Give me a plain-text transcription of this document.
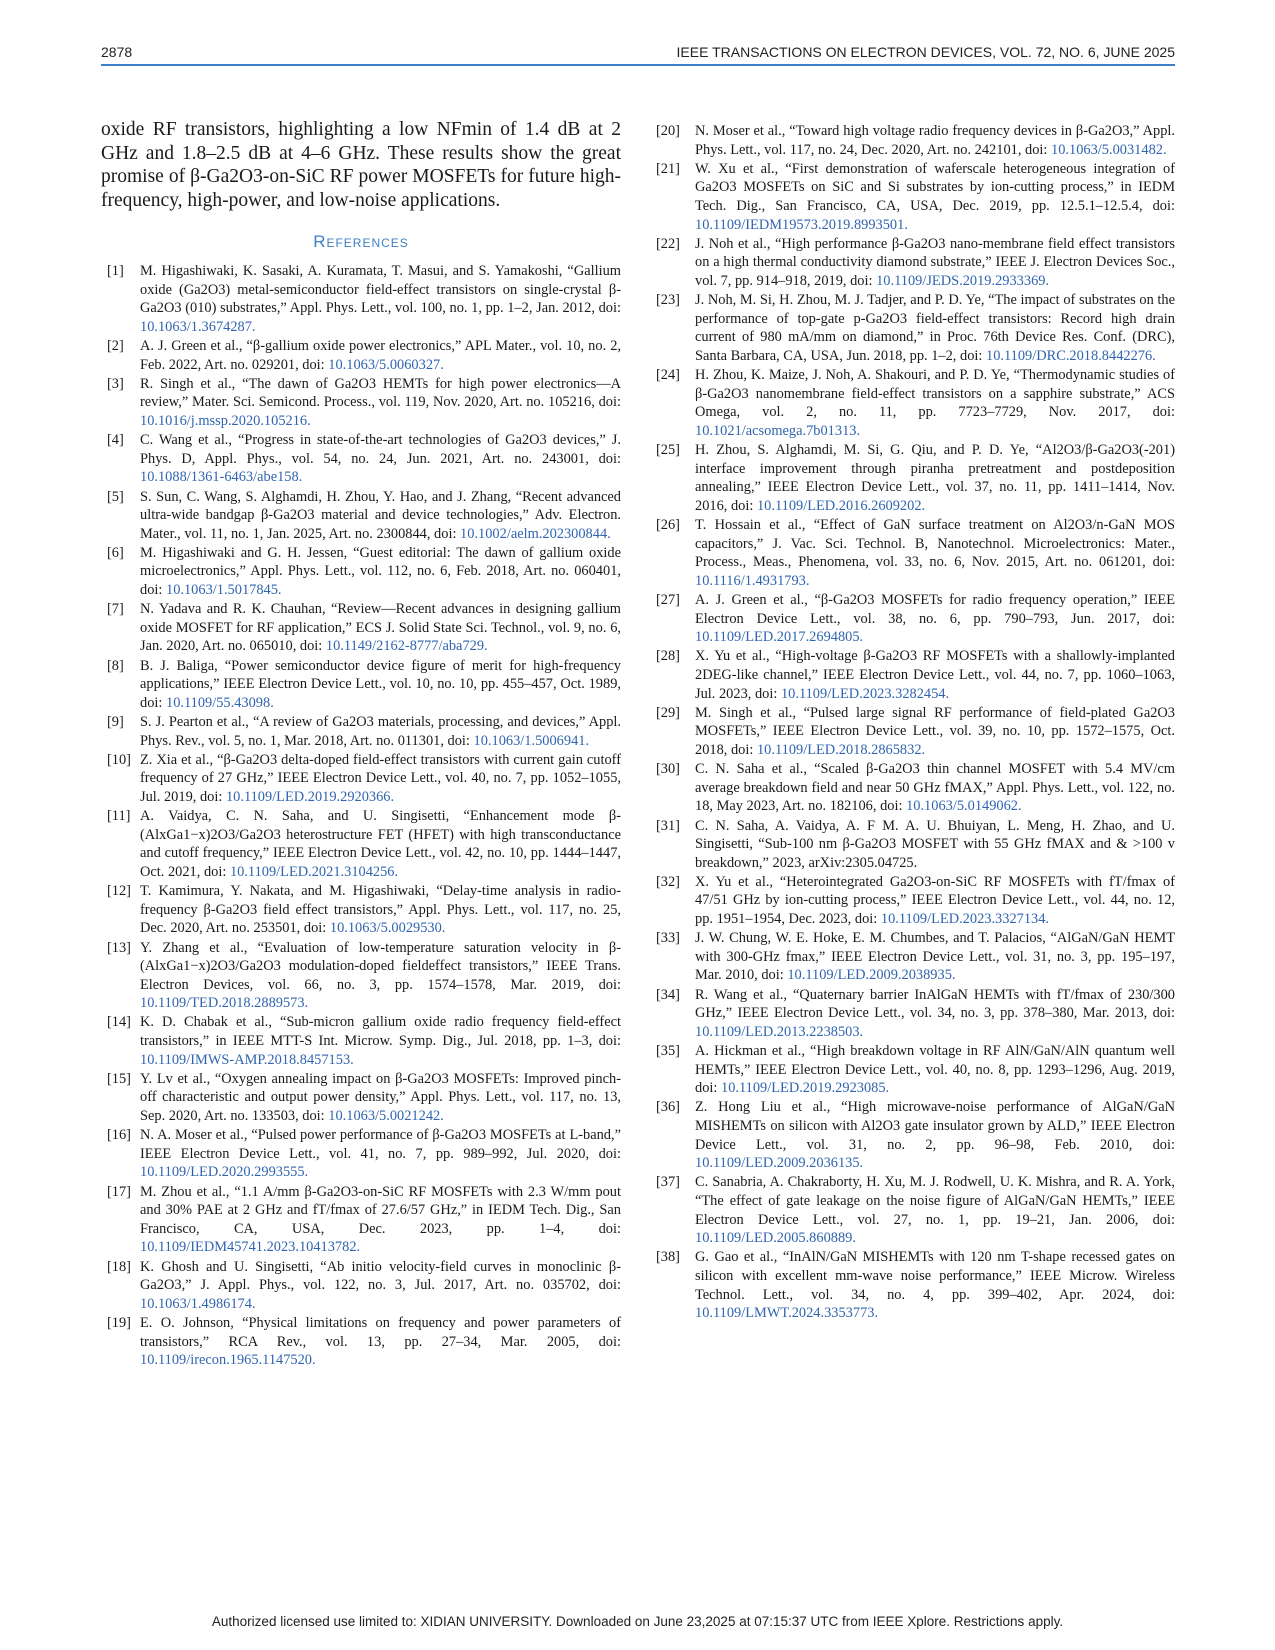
2878	IEEE TRANSACTIONS ON ELECTRON DEVICES, VOL. 72, NO. 6, JUNE 2025

oxide RF transistors, highlighting a low NFmin of 1.4 dB at 2 GHz and 1.8–2.5 dB at 4–6 GHz. These results show the great promise of β-Ga2O3-on-SiC RF power MOSFETs for future high-frequency, high-power, and low-noise applications.

References
[1] M. Higashiwaki, K. Sasaki, A. Kuramata, T. Masui, and S. Yamakoshi, “Gallium oxide (Ga2O3) metal-semiconductor field-effect transistors on single-crystal β-Ga2O3 (010) substrates,” Appl. Phys. Lett., vol. 100, no. 1, pp. 1–2, Jan. 2012, doi: 10.1063/1.3674287.
[2] A. J. Green et al., “β-gallium oxide power electronics,” APL Mater., vol. 10, no. 2, Feb. 2022, Art. no. 029201, doi: 10.1063/5.0060327.
[3] R. Singh et al., “The dawn of Ga2O3 HEMTs for high power electronics—A review,” Mater. Sci. Semicond. Process., vol. 119, Nov. 2020, Art. no. 105216, doi: 10.1016/j.mssp.2020.105216.
[4] C. Wang et al., “Progress in state-of-the-art technologies of Ga2O3 devices,” J. Phys. D, Appl. Phys., vol. 54, no. 24, Jun. 2021, Art. no. 243001, doi: 10.1088/1361-6463/abe158.
[5] S. Sun, C. Wang, S. Alghamdi, H. Zhou, Y. Hao, and J. Zhang, “Recent advanced ultra-wide bandgap β-Ga2O3 material and device technologies,” Adv. Electron. Mater., vol. 11, no. 1, Jan. 2025, Art. no. 2300844, doi: 10.1002/aelm.202300844.
[6] M. Higashiwaki and G. H. Jessen, “Guest editorial: The dawn of gallium oxide microelectronics,” Appl. Phys. Lett., vol. 112, no. 6, Feb. 2018, Art. no. 060401, doi: 10.1063/1.5017845.
[7] N. Yadava and R. K. Chauhan, “Review—Recent advances in designing gallium oxide MOSFET for RF application,” ECS J. Solid State Sci. Technol., vol. 9, no. 6, Jan. 2020, Art. no. 065010, doi: 10.1149/2162-8777/aba729.
[8] B. J. Baliga, “Power semiconductor device figure of merit for high-frequency applications,” IEEE Electron Device Lett., vol. 10, no. 10, pp. 455–457, Oct. 1989, doi: 10.1109/55.43098.
[9] S. J. Pearton et al., “A review of Ga2O3 materials, processing, and devices,” Appl. Phys. Rev., vol. 5, no. 1, Mar. 2018, Art. no. 011301, doi: 10.1063/1.5006941.
[10] Z. Xia et al., “β-Ga2O3 delta-doped field-effect transistors with current gain cutoff frequency of 27 GHz,” IEEE Electron Device Lett., vol. 40, no. 7, pp. 1052–1055, Jul. 2019, doi: 10.1109/LED.2019.2920366.
[11] A. Vaidya, C. N. Saha, and U. Singisetti, “Enhancement mode β-(AlxGa1−x)2O3/Ga2O3 heterostructure FET (HFET) with high transconductance and cutoff frequency,” IEEE Electron Device Lett., vol. 42, no. 10, pp. 1444–1447, Oct. 2021, doi: 10.1109/LED.2021.3104256.
[12] T. Kamimura, Y. Nakata, and M. Higashiwaki, “Delay-time analysis in radio-frequency β-Ga2O3 field effect transistors,” Appl. Phys. Lett., vol. 117, no. 25, Dec. 2020, Art. no. 253501, doi: 10.1063/5.0029530.
[13] Y. Zhang et al., “Evaluation of low-temperature saturation velocity in β-(AlxGa1−x)2O3/Ga2O3 modulation-doped fieldeffect transistors,” IEEE Trans. Electron Devices, vol. 66, no. 3, pp. 1574–1578, Mar. 2019, doi: 10.1109/TED.2018.2889573.
[14] K. D. Chabak et al., “Sub-micron gallium oxide radio frequency field-effect transistors,” in IEEE MTT-S Int. Microw. Symp. Dig., Jul. 2018, pp. 1–3, doi: 10.1109/IMWS-AMP.2018.8457153.
[15] Y. Lv et al., “Oxygen annealing impact on β-Ga2O3 MOSFETs: Improved pinch-off characteristic and output power density,” Appl. Phys. Lett., vol. 117, no. 13, Sep. 2020, Art. no. 133503, doi: 10.1063/5.0021242.
[16] N. A. Moser et al., “Pulsed power performance of β-Ga2O3 MOSFETs at L-band,” IEEE Electron Device Lett., vol. 41, no. 7, pp. 989–992, Jul. 2020, doi: 10.1109/LED.2020.2993555.
[17] M. Zhou et al., “1.1 A/mm β-Ga2O3-on-SiC RF MOSFETs with 2.3 W/mm pout and 30% PAE at 2 GHz and fT/fmax of 27.6/57 GHz,” in IEDM Tech. Dig., San Francisco, CA, USA, Dec. 2023, pp. 1–4, doi: 10.1109/IEDM45741.2023.10413782.
[18] K. Ghosh and U. Singisetti, “Ab initio velocity-field curves in monoclinic β-Ga2O3,” J. Appl. Phys., vol. 122, no. 3, Jul. 2017, Art. no. 035702, doi: 10.1063/1.4986174.
[19] E. O. Johnson, “Physical limitations on frequency and power parameters of transistors,” RCA Rev., vol. 13, pp. 27–34, Mar. 2005, doi: 10.1109/irecon.1965.1147520.
[20] N. Moser et al., “Toward high voltage radio frequency devices in β-Ga2O3,” Appl. Phys. Lett., vol. 117, no. 24, Dec. 2020, Art. no. 242101, doi: 10.1063/5.0031482.
[21] W. Xu et al., “First demonstration of waferscale heterogeneous integration of Ga2O3 MOSFETs on SiC and Si substrates by ion-cutting process,” in IEDM Tech. Dig., San Francisco, CA, USA, Dec. 2019, pp. 12.5.1–12.5.4, doi: 10.1109/IEDM19573.2019.8993501.
[22] J. Noh et al., “High performance β-Ga2O3 nano-membrane field effect transistors on a high thermal conductivity diamond substrate,” IEEE J. Electron Devices Soc., vol. 7, pp. 914–918, 2019, doi: 10.1109/JEDS.2019.2933369.
[23] J. Noh, M. Si, H. Zhou, M. J. Tadjer, and P. D. Ye, “The impact of substrates on the performance of top-gate p-Ga2O3 field-effect transistors: Record high drain current of 980 mA/mm on diamond,” in Proc. 76th Device Res. Conf. (DRC), Santa Barbara, CA, USA, Jun. 2018, pp. 1–2, doi: 10.1109/DRC.2018.8442276.
[24] H. Zhou, K. Maize, J. Noh, A. Shakouri, and P. D. Ye, “Thermodynamic studies of β-Ga2O3 nanomembrane field-effect transistors on a sapphire substrate,” ACS Omega, vol. 2, no. 11, pp. 7723–7729, Nov. 2017, doi: 10.1021/acsomega.7b01313.
[25] H. Zhou, S. Alghamdi, M. Si, G. Qiu, and P. D. Ye, “Al2O3/β-Ga2O3(-201) interface improvement through piranha pretreatment and postdeposition annealing,” IEEE Electron Device Lett., vol. 37, no. 11, pp. 1411–1414, Nov. 2016, doi: 10.1109/LED.2016.2609202.
[26] T. Hossain et al., “Effect of GaN surface treatment on Al2O3/n-GaN MOS capacitors,” J. Vac. Sci. Technol. B, Nanotechnol. Microelectronics: Mater., Process., Meas., Phenomena, vol. 33, no. 6, Nov. 2015, Art. no. 061201, doi: 10.1116/1.4931793.
[27] A. J. Green et al., “β-Ga2O3 MOSFETs for radio frequency operation,” IEEE Electron Device Lett., vol. 38, no. 6, pp. 790–793, Jun. 2017, doi: 10.1109/LED.2017.2694805.
[28] X. Yu et al., “High-voltage β-Ga2O3 RF MOSFETs with a shallowly-implanted 2DEG-like channel,” IEEE Electron Device Lett., vol. 44, no. 7, pp. 1060–1063, Jul. 2023, doi: 10.1109/LED.2023.3282454.
[29] M. Singh et al., “Pulsed large signal RF performance of field-plated Ga2O3 MOSFETs,” IEEE Electron Device Lett., vol. 39, no. 10, pp. 1572–1575, Oct. 2018, doi: 10.1109/LED.2018.2865832.
[30] C. N. Saha et al., “Scaled β-Ga2O3 thin channel MOSFET with 5.4 MV/cm average breakdown field and near 50 GHz fMAX,” Appl. Phys. Lett., vol. 122, no. 18, May 2023, Art. no. 182106, doi: 10.1063/5.0149062.
[31] C. N. Saha, A. Vaidya, A. F M. A. U. Bhuiyan, L. Meng, H. Zhao, and U. Singisetti, “Sub-100 nm β-Ga2O3 MOSFET with 55 GHz fMAX and & >100 v breakdown,” 2023, arXiv:2305.04725.
[32] X. Yu et al., “Heterointegrated Ga2O3-on-SiC RF MOSFETs with fT/fmax of 47/51 GHz by ion-cutting process,” IEEE Electron Device Lett., vol. 44, no. 12, pp. 1951–1954, Dec. 2023, doi: 10.1109/LED.2023.3327134.
[33] J. W. Chung, W. E. Hoke, E. M. Chumbes, and T. Palacios, “AlGaN/GaN HEMT with 300-GHz fmax,” IEEE Electron Device Lett., vol. 31, no. 3, pp. 195–197, Mar. 2010, doi: 10.1109/LED.2009.2038935.
[34] R. Wang et al., “Quaternary barrier InAlGaN HEMTs with fT/fmax of 230/300 GHz,” IEEE Electron Device Lett., vol. 34, no. 3, pp. 378–380, Mar. 2013, doi: 10.1109/LED.2013.2238503.
[35] A. Hickman et al., “High breakdown voltage in RF AlN/GaN/AlN quantum well HEMTs,” IEEE Electron Device Lett., vol. 40, no. 8, pp. 1293–1296, Aug. 2019, doi: 10.1109/LED.2019.2923085.
[36] Z. Hong Liu et al., “High microwave-noise performance of AlGaN/GaN MISHEMTs on silicon with Al2O3 gate insulator grown by ALD,” IEEE Electron Device Lett., vol. 31, no. 2, pp. 96–98, Feb. 2010, doi: 10.1109/LED.2009.2036135.
[37] C. Sanabria, A. Chakraborty, H. Xu, M. J. Rodwell, U. K. Mishra, and R. A. York, “The effect of gate leakage on the noise figure of AlGaN/GaN HEMTs,” IEEE Electron Device Lett., vol. 27, no. 1, pp. 19–21, Jan. 2006, doi: 10.1109/LED.2005.860889.
[38] G. Gao et al., “InAlN/GaN MISHEMTs with 120 nm T-shape recessed gates on silicon with excellent mm-wave noise performance,” IEEE Microw. Wireless Technol. Lett., vol. 34, no. 4, pp. 399–402, Apr. 2024, doi: 10.1109/LMWT.2024.3353773.
Authorized licensed use limited to: XIDIAN UNIVERSITY. Downloaded on June 23,2025 at 07:15:37 UTC from IEEE Xplore. Restrictions apply.
